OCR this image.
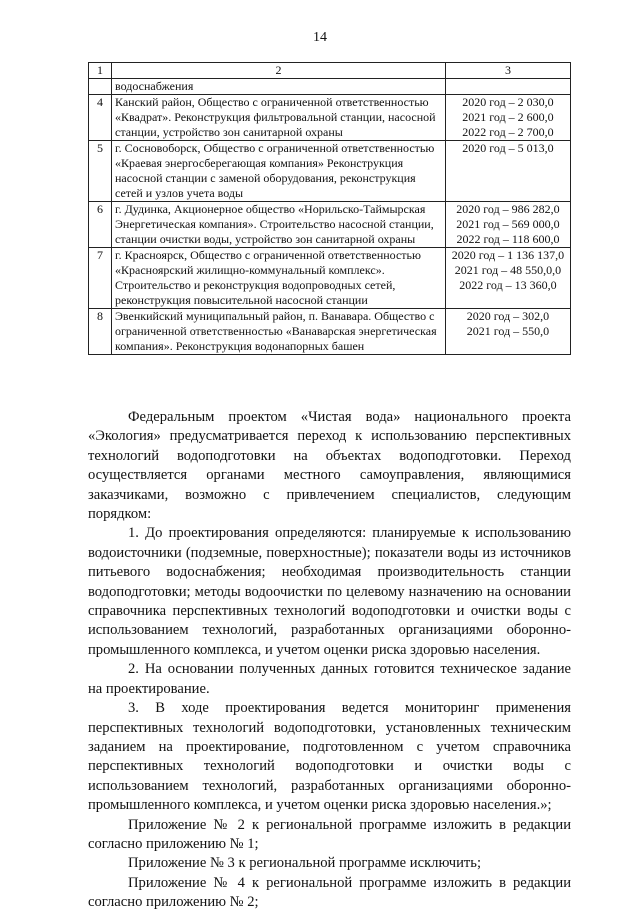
14
1	2	3
	водоснабжения	
4	Канский район, Общество с ограниченной ответственностью «Квадрат». Реконструкция фильтровальной станции, насосной станции, устройство зон санитарной охраны	2020 год – 2 030,0
2021 год – 2 600,0
2022 год – 2 700,0

5	г. Сосновоборск, Общество с ограниченной ответственностью «Краевая энергосберегающая компания» Реконструкция насосной станции с заменой оборудования, реконструкция сетей и узлов учета воды	2020 год – 5 013,0

6	г. Дудинка, Акционерное общество «Норильско-Таймырская Энергетическая компания». Строительство насосной станции, станции очистки воды, устройство зон санитарной охраны	2020 год – 986 282,0
2021 год – 569 000,0
2022 год – 118 600,0

7	г. Красноярск, Общество с ограниченной ответственностью «Красноярский жилищно-коммунальный комплекс». Строительство и реконструкция водопроводных сетей, реконструкция повысительной насосной станции	2020 год – 1 136 137,0
2021 год – 48 550,0,0
2022 год – 13 360,0

8	Эвенкийский муниципальный район, п. Ванавара. Общество с ограниченной ответственностью «Ванаварская энергетическая компания». Реконструкция водонапорных башен	2020 год – 302,0
2021 год – 550,0

Федеральным проектом «Чистая вода» национального проекта «Экология» предусматривается переход к использованию перспективных технологий водоподготовки на объектах водоподготовки. Переход осуществляется органами местного самоуправления, являющимися заказчиками, возможно с привлечением специалистов, следующим порядком:

1. До проектирования определяются: планируемые к использованию водоисточники (подземные, поверхностные); показатели воды из источников питьевого водоснабжения; необходимая производительность станции водоподготовки; методы водоочистки по целевому назначению на основании справочника перспективных технологий водоподготовки и очистки воды с использованием технологий, разработанных организациями оборонно-промышленного комплекса, и учетом оценки риска здоровью населения.

2. На основании полученных данных готовится техническое задание на проектирование.

3. В ходе проектирования ведется мониторинг применения перспективных технологий водоподготовки, установленных техническим заданием на проектирование, подготовленном с учетом справочника перспективных технологий водоподготовки и очистки воды с использованием технологий, разработанных организациями оборонно-промышленного комплекса, и учетом оценки риска здоровью населения.»;

Приложение № 2 к региональной программе изложить в редакции согласно приложению № 1;

Приложение № 3 к региональной программе исключить;

Приложение № 4 к региональной программе изложить в редакции согласно приложению № 2;
